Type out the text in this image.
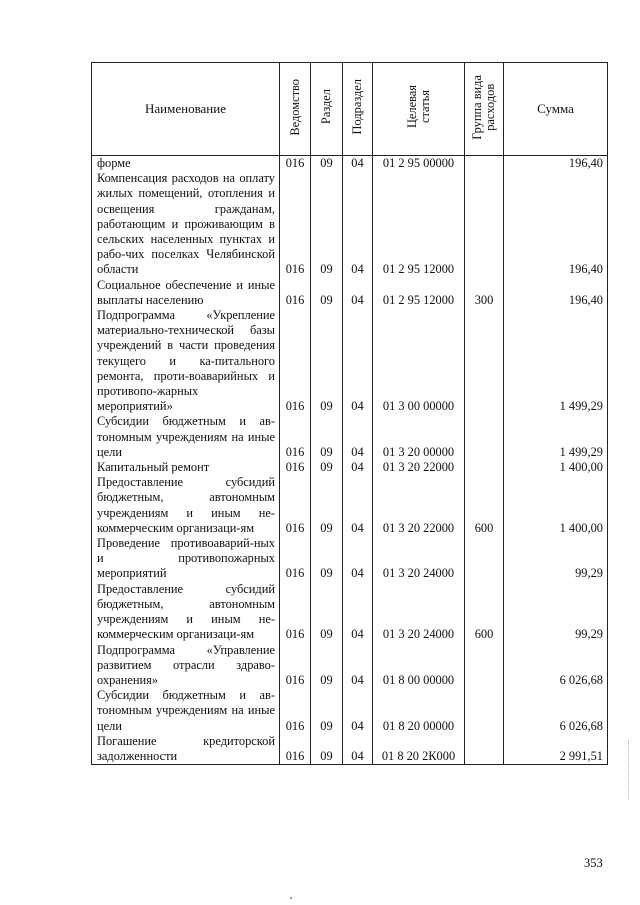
Наименование	Ведомство	Раздел	Подраздел	Целевая статья	Группа вида расходов	Сумма
форме	016	09	04	01 2 95 00000		196,40
Компенсация расходов на оплату жилых помещений, отопления и освещения гражданам, работающим и проживающим в сельских населенных пунктах и рабо-чих поселках Челябинской области	016	09	04	01 2 95 12000		196,40
Социальное обеспечение и иные выплаты населению	016	09	04	01 2 95 12000	300	196,40
Подпрограмма «Укрепление материально-технической базы учреждений в части проведения текущего и ка-питального ремонта, проти-воаварийных и противопо-жарных мероприятий»	016	09	04	01 3 00 00000		1 499,29
Субсидии бюджетным и ав-тономным учреждениям на иные цели	016	09	04	01 3 20 00000		1 499,29
Капитальный ремонт	016	09	04	01 3 20 22000		1 400,00
Предоставление субсидий бюджетным, автономным учреждениям и иным не-коммерческим организаци-ям	016	09	04	01 3 20 22000	600	1 400,00
Проведение противоаварий-ных и противопожарных мероприятий	016	09	04	01 3 20 24000		99,29
Предоставление субсидий бюджетным, автономным учреждениям и иным не-коммерческим организаци-ям	016	09	04	01 3 20 24000	600	99,29
Подпрограмма «Управление развитием отрасли здраво-охранения»	016	09	04	01 8 00 00000		6 026,68
Субсидии бюджетным и ав-тономным учреждениям на иные цели	016	09	04	01 8 20 00000		6 026,68
Погашение кредиторской задолженности	016	09	04	01 8 20 2К000		2 991,51
353
